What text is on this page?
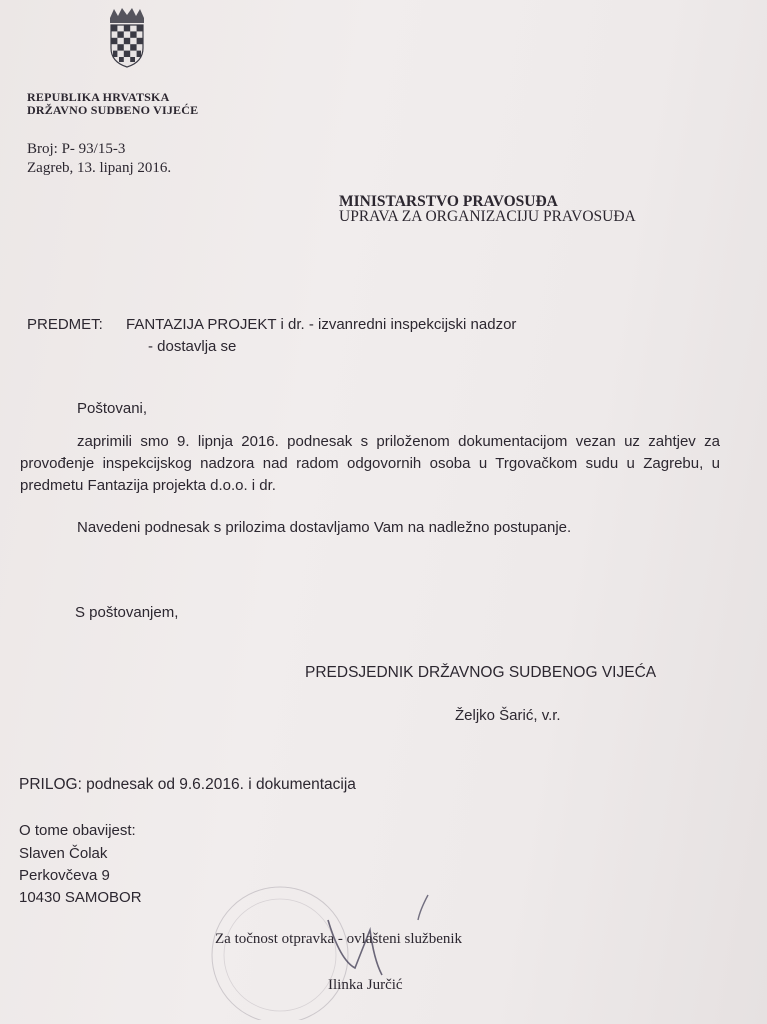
REPUBLIKA HRVATSKA
DRŽAVNO SUDBENO VIJEĆE
Broj: P- 93/15-3
Zagreb, 13. lipanj 2016.
MINISTARSTVO PRAVOSUĐA
UPRAVA ZA ORGANIZACIJU PRAVOSUĐA
PREDMET: FANTAZIJA PROJEKT i dr. - izvanredni inspekcijski nadzor
- dostavlja se
Poštovani,
zaprimili smo 9. lipnja 2016. podnesak s priloženom dokumentacijom vezan uz zahtjev za provođenje inspekcijskog nadzora nad radom odgovornih osoba u Trgovačkom sudu u Zagrebu, u predmetu Fantazija projekta d.o.o. i dr.
Navedeni podnesak s prilozima dostavljamo Vam na nadležno postupanje.
S poštovanjem,
PREDSJEDNIK DRŽAVNOG SUDBENOG VIJEĆA
Željko Šarić, v.r.
PRILOG: podnesak od 9.6.2016. i dokumentacija
O tome obavijest:
Slaven Čolak
Perkovčeva 9
10430 SAMOBOR
Za točnost otpravka - ovlašteni službenik
Ilinka Jurčić
